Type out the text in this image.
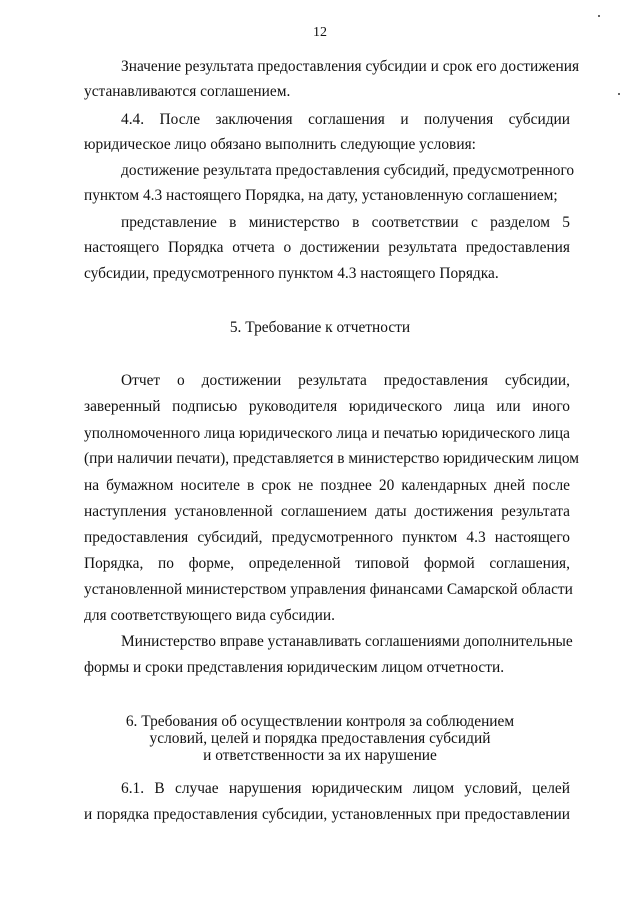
12
Значение результата предоставления субсидии и срок его достижения
устанавливаются соглашением.
4.4. После заключения соглашения и получения субсидии
юридическое лицо обязано выполнить следующие условия:
достижение результата предоставления субсидий, предусмотренного
пунктом 4.3 настоящего Порядка, на дату, установленную соглашением;
представление в министерство в соответствии с разделом 5
настоящего Порядка отчета о достижении результата предоставления
субсидии, предусмотренного пунктом 4.3 настоящего Порядка.
5. Требование к отчетности
Отчет о достижении результата предоставления субсидии,
заверенный подписью руководителя юридического лица или иного
уполномоченного лица юридического лица и печатью юридического лица
(при наличии печати), представляется в министерство юридическим лицом
на бумажном носителе в срок не позднее 20 календарных дней после
наступления установленной соглашением даты достижения результата
предоставления субсидий, предусмотренного пунктом 4.3 настоящего
Порядка, по форме, определенной типовой формой соглашения,
установленной министерством управления финансами Самарской области
для соответствующего вида субсидии.
Министерство вправе устанавливать соглашениями дополнительные
формы и сроки представления юридическим лицом отчетности.
6. Требования об осуществлении контроля за соблюдением
условий, целей и порядка предоставления субсидий
и ответственности за их нарушение
6.1. В случае нарушения юридическим лицом условий, целей
и порядка предоставления субсидии, установленных при предоставлении
